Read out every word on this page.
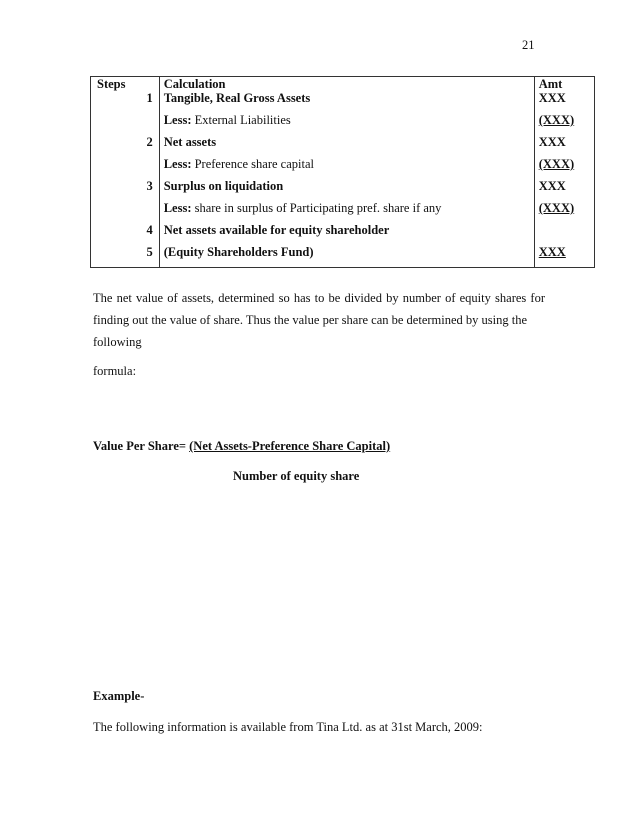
21
Steps	Calculation	Amt
1	Tangible, Real Gross Assets	XXX
	Less: External Liabilities	(XXX)
2	Net assets	XXX
	Less: Preference share capital	(XXX)
3	Surplus on liquidation	XXX
	Less: share in surplus of Participating pref. share if any	(XXX)
4	Net assets available for equity shareholder	
5	(Equity Shareholders Fund)	XXX
The net value of assets, determined so has to be divided by number of equity shares for finding out the value of share. Thus the value per share can be determined by using the
following
formula:
Value Per Share= (Net Assets-Preference Share Capital)
Number of equity share
Example-
The following information is available from Tina Ltd. as at 31st March, 2009:
